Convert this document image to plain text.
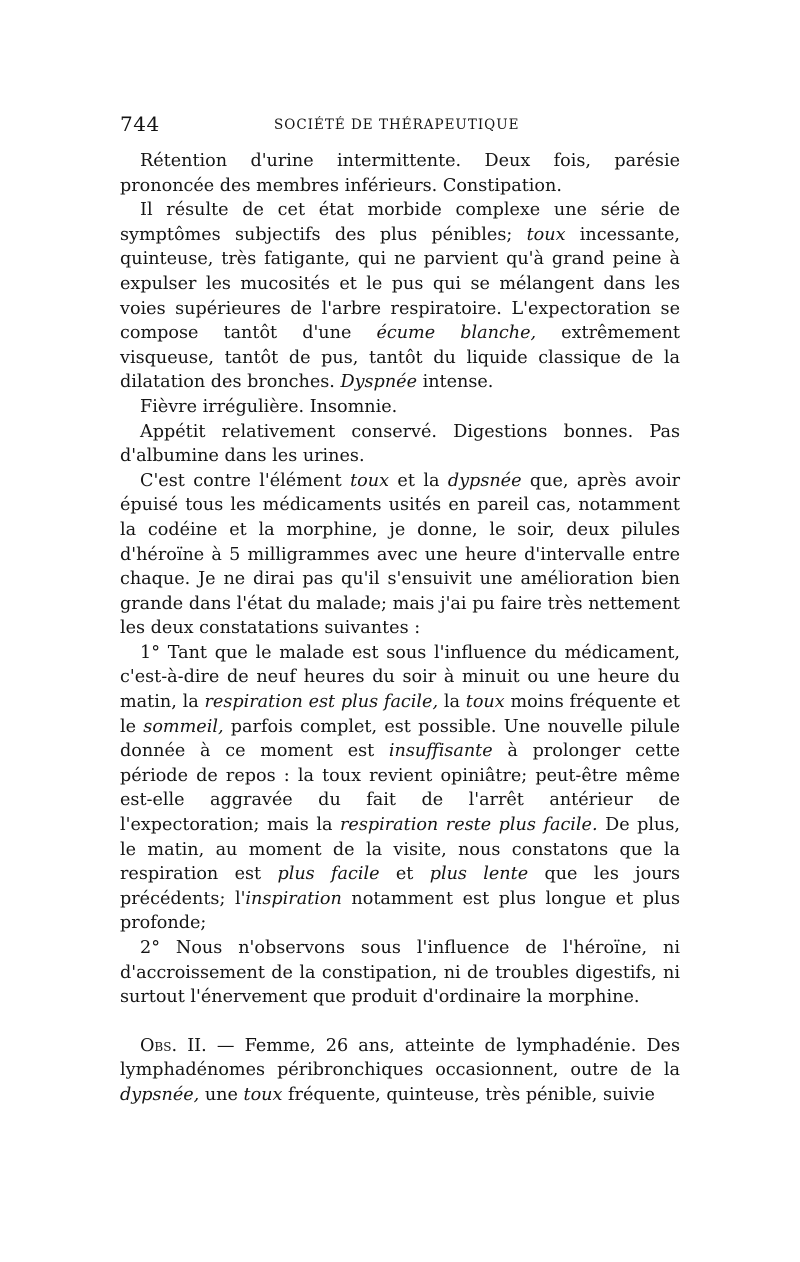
744	SOCIÉTÉ DE THÉRAPEUTIQUE

Rétention d'urine intermittente. Deux fois, parésie prononcée des membres inférieurs. Constipation.

Il résulte de cet état morbide complexe une série de symptômes subjectifs des plus pénibles; toux incessante, quinteuse, très fatigante, qui ne parvient qu'à grand peine à expulser les mucosités et le pus qui se mélangent dans les voies supérieures de l'arbre respiratoire. L'expectoration se compose tantôt d'une écume blanche, extrêmement visqueuse, tantôt de pus, tantôt du liquide classique de la dilatation des bronches. Dyspnée intense.

Fièvre irrégulière. Insomnie.

Appétit relativement conservé. Digestions bonnes. Pas d'albumine dans les urines.

C'est contre l'élément toux et la dypsnée que, après avoir épuisé tous les médicaments usités en pareil cas, notamment la codéine et la morphine, je donne, le soir, deux pilules d'héroïne à 5 milligrammes avec une heure d'intervalle entre chaque. Je ne dirai pas qu'il s'ensuivit une amélioration bien grande dans l'état du malade; mais j'ai pu faire très nettement les deux constatations suivantes :

1° Tant que le malade est sous l'influence du médicament, c'est-à-dire de neuf heures du soir à minuit ou une heure du matin, la respiration est plus facile, la toux moins fréquente et le sommeil, parfois complet, est possible. Une nouvelle pilule donnée à ce moment est insuffisante à prolonger cette période de repos : la toux revient opiniâtre; peut-être même est-elle aggravée du fait de l'arrêt antérieur de l'expectoration; mais la respiration reste plus facile. De plus, le matin, au moment de la visite, nous constatons que la respiration est plus facile et plus lente que les jours précédents; l'inspiration notamment est plus longue et plus profonde;

2° Nous n'observons sous l'influence de l'héroïne, ni d'accroissement de la constipation, ni de troubles digestifs, ni surtout l'énervement que produit d'ordinaire la morphine.

Obs. II. — Femme, 26 ans, atteinte de lymphadénie. Des lymphadénomes péribronchiques occasionnent, outre de la dypsnée, une toux fréquente, quinteuse, très pénible, suivie
